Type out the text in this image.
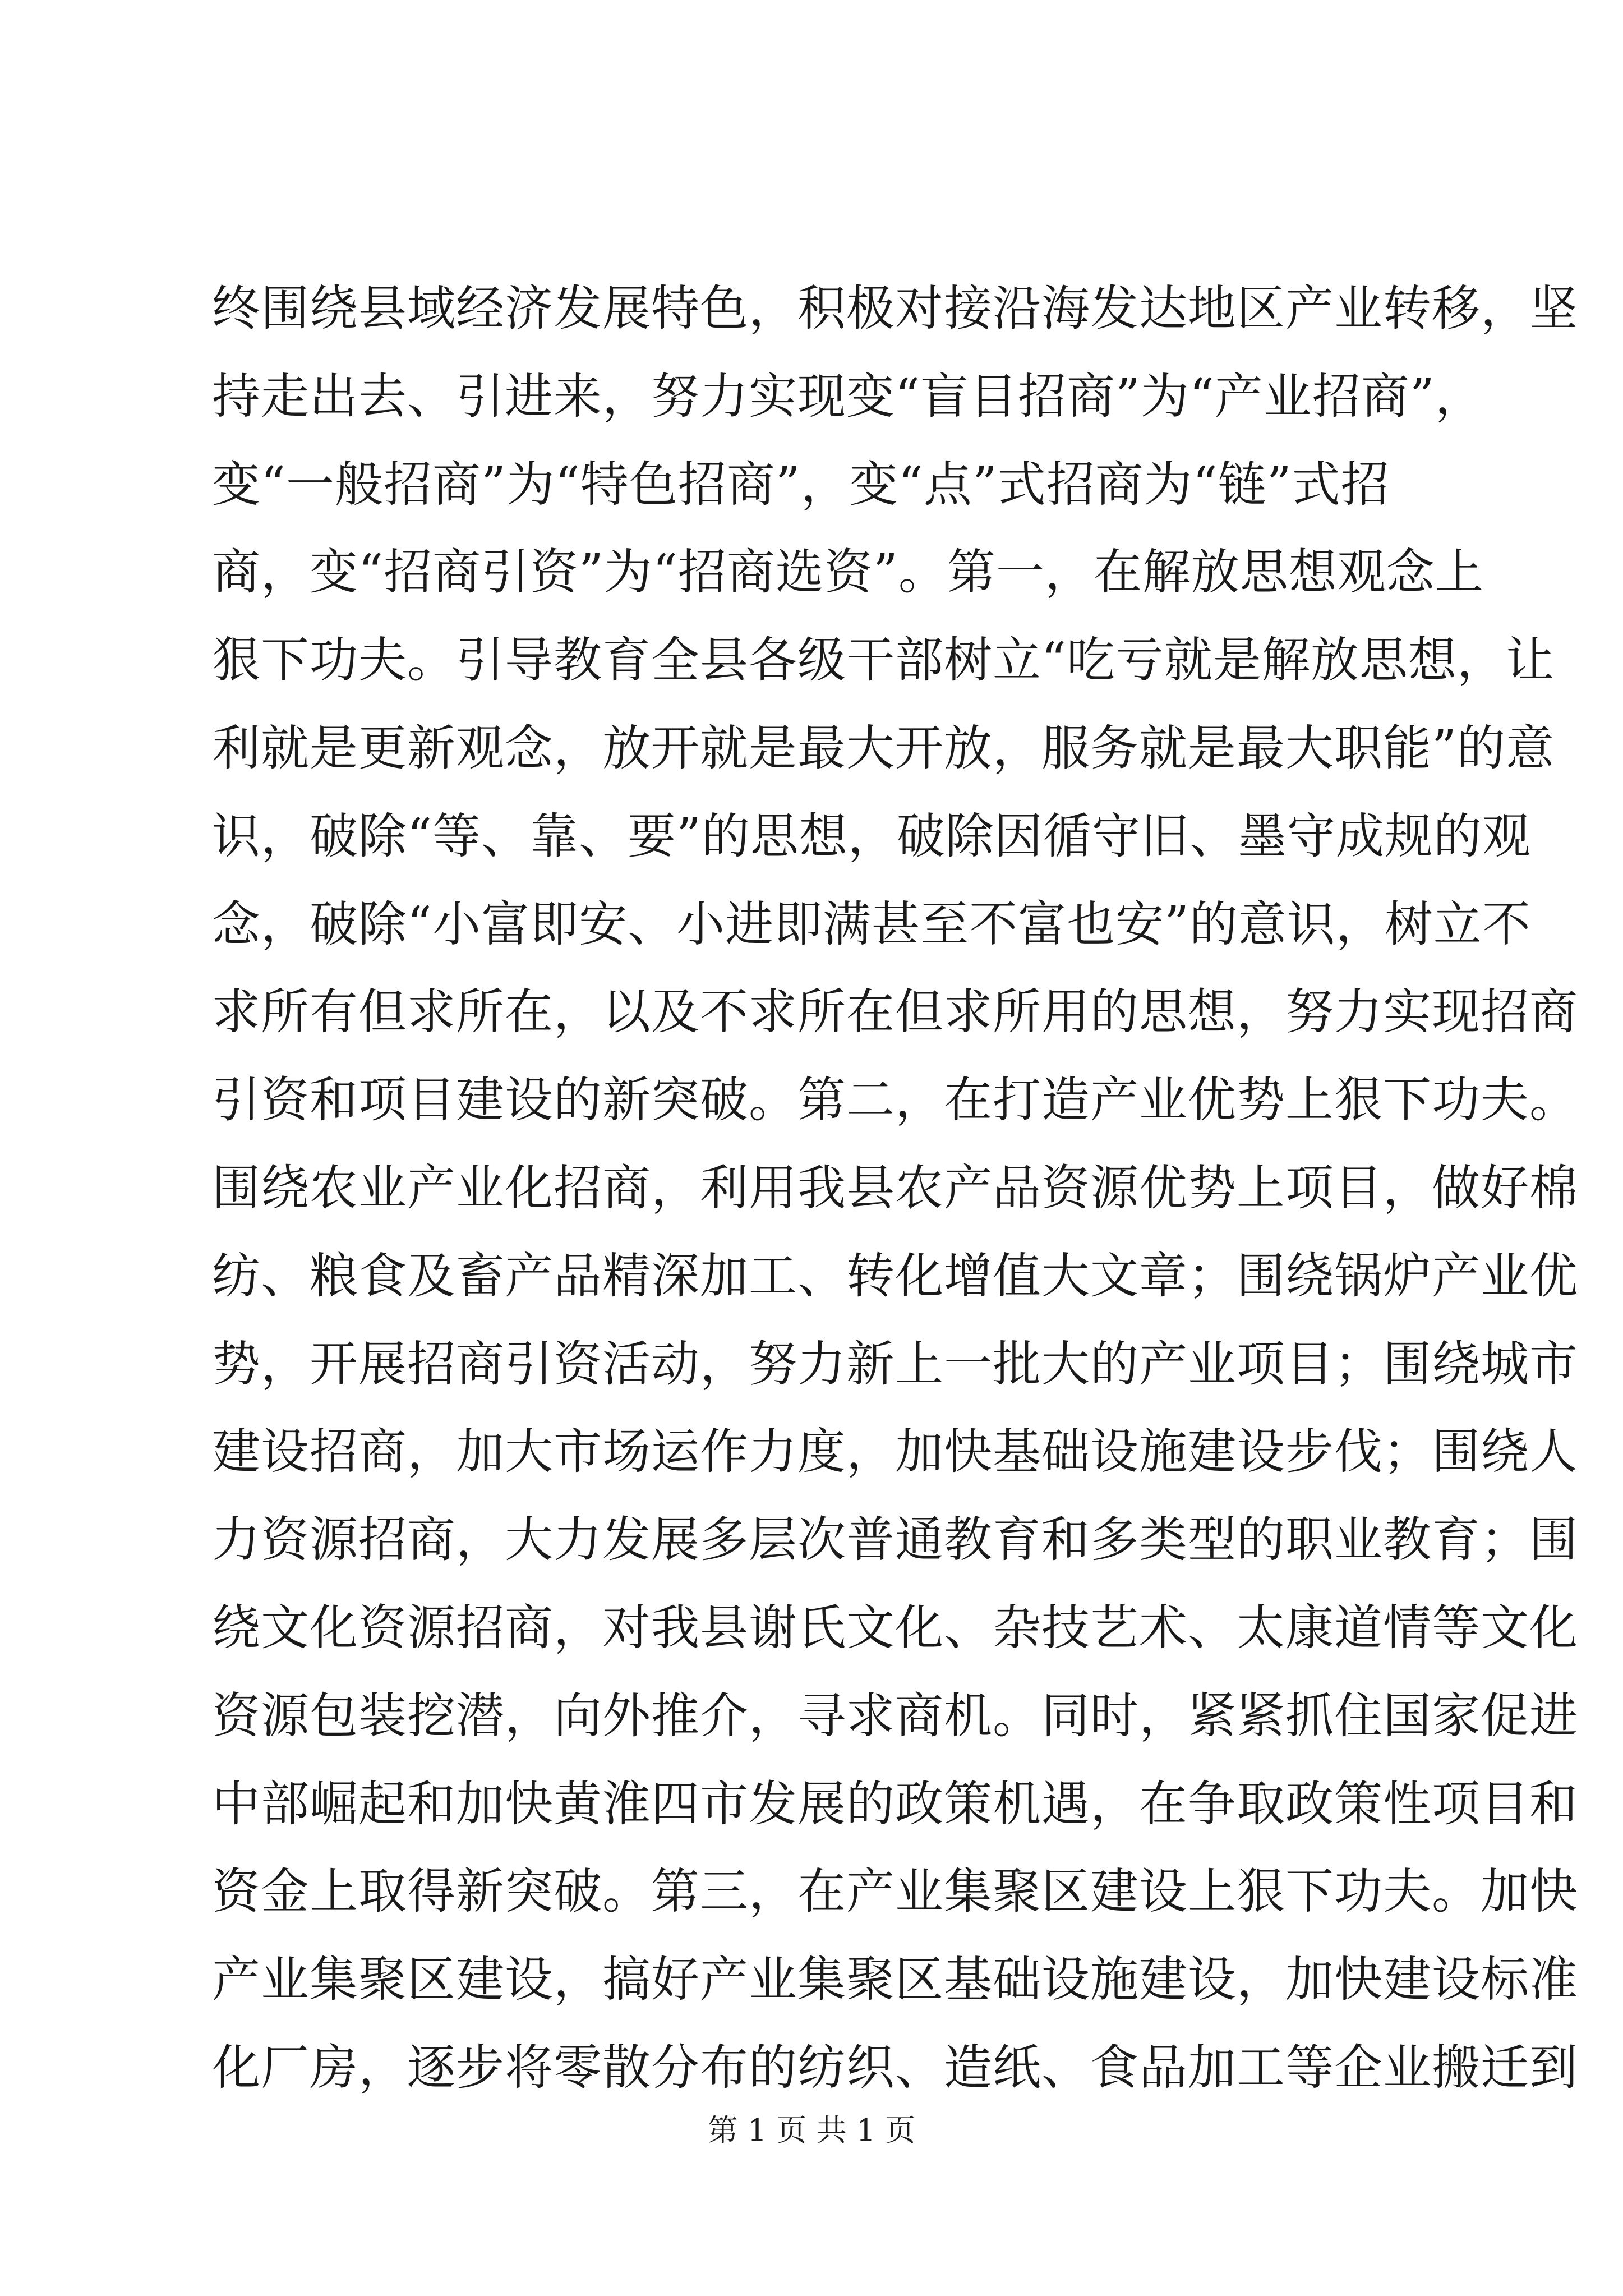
终围绕县域经济发展特色，积极对接沿海发达地区产业转移，坚
持走出去、引进来，努力实现变“盲目招商”为“产业招商”，
变“一般招商”为“特色招商”，变“点”式招商为“链”式招
商，变“招商引资”为“招商选资”。第一，在解放思想观念上
狠下功夫。引导教育全县各级干部树立“吃亏就是解放思想，让
利就是更新观念，放开就是最大开放，服务就是最大职能”的意
识，破除“等、靠、要”的思想，破除因循守旧、墨守成规的观
念，破除“小富即安、小进即满甚至不富也安”的意识，树立不
求所有但求所在，以及不求所在但求所用的思想，努力实现招商
引资和项目建设的新突破。第二，在打造产业优势上狠下功夫。
围绕农业产业化招商，利用我县农产品资源优势上项目，做好棉
纺、粮食及畜产品精深加工、转化增值大文章；围绕锅炉产业优
势，开展招商引资活动，努力新上一批大的产业项目；围绕城市
建设招商，加大市场运作力度，加快基础设施建设步伐；围绕人
力资源招商，大力发展多层次普通教育和多类型的职业教育；围
绕文化资源招商，对我县谢氏文化、杂技艺术、太康道情等文化
资源包装挖潜，向外推介，寻求商机。同时，紧紧抓住国家促进
中部崛起和加快黄淮四市发展的政策机遇，在争取政策性项目和
资金上取得新突破。第三，在产业集聚区建设上狠下功夫。加快
产业集聚区建设，搞好产业集聚区基础设施建设，加快建设标准
化厂房，逐步将零散分布的纺织、造纸、食品加工等企业搬迁到
第 1 页 共 1 页
